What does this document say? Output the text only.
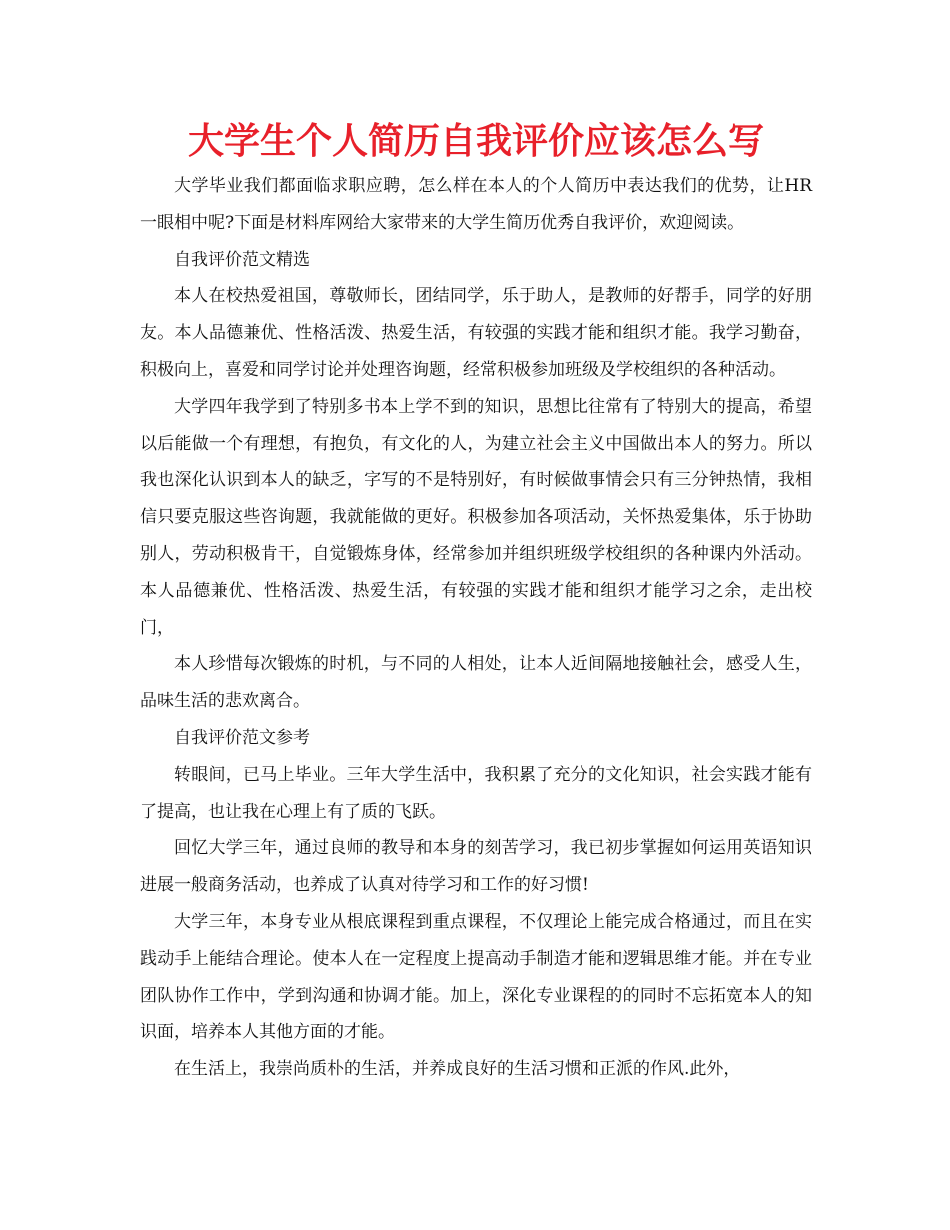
大学生个人简历自我评价应该怎么写

大学毕业我们都面临求职应聘，怎么样在本人的个人简历中表达我们的优势，让HR一眼相中呢?下面是材料库网给大家带来的大学生简历优秀自我评价，欢迎阅读。

自我评价范文精选

本人在校热爱祖国，尊敬师长，团结同学，乐于助人，是教师的好帮手，同学的好朋友。本人品德兼优、性格活泼、热爱生活，有较强的实践才能和组织才能。我学习勤奋，积极向上，喜爱和同学讨论并处理咨询题，经常积极参加班级及学校组织的各种活动。

大学四年我学到了特别多书本上学不到的知识，思想比往常有了特别大的提高，希望以后能做一个有理想，有抱负，有文化的人，为建立社会主义中国做出本人的努力。所以我也深化认识到本人的缺乏，字写的不是特别好，有时候做事情会只有三分钟热情，我相信只要克服这些咨询题，我就能做的更好。积极参加各项活动，关怀热爱集体，乐于协助别人，劳动积极肯干，自觉锻炼身体，经常参加并组织班级学校组织的各种课内外活动。本人品德兼优、性格活泼、热爱生活，有较强的实践才能和组织才能学习之余，走出校门，

本人珍惜每次锻炼的时机，与不同的人相处，让本人近间隔地接触社会，感受人生，品味生活的悲欢离合。

自我评价范文参考

转眼间，已马上毕业。三年大学生活中，我积累了充分的文化知识，社会实践才能有了提高，也让我在心理上有了质的飞跃。

回忆大学三年，通过良师的教导和本身的刻苦学习，我已初步掌握如何运用英语知识进展一般商务活动，也养成了认真对待学习和工作的好习惯!

大学三年，本身专业从根底课程到重点课程，不仅理论上能完成合格通过，而且在实践动手上能结合理论。使本人在一定程度上提高动手制造才能和逻辑思维才能。并在专业团队协作工作中，学到沟通和协调才能。加上，深化专业课程的的同时不忘拓宽本人的知识面，培养本人其他方面的才能。

在生活上，我崇尚质朴的生活，并养成良好的生活习惯和正派的作风.此外，
